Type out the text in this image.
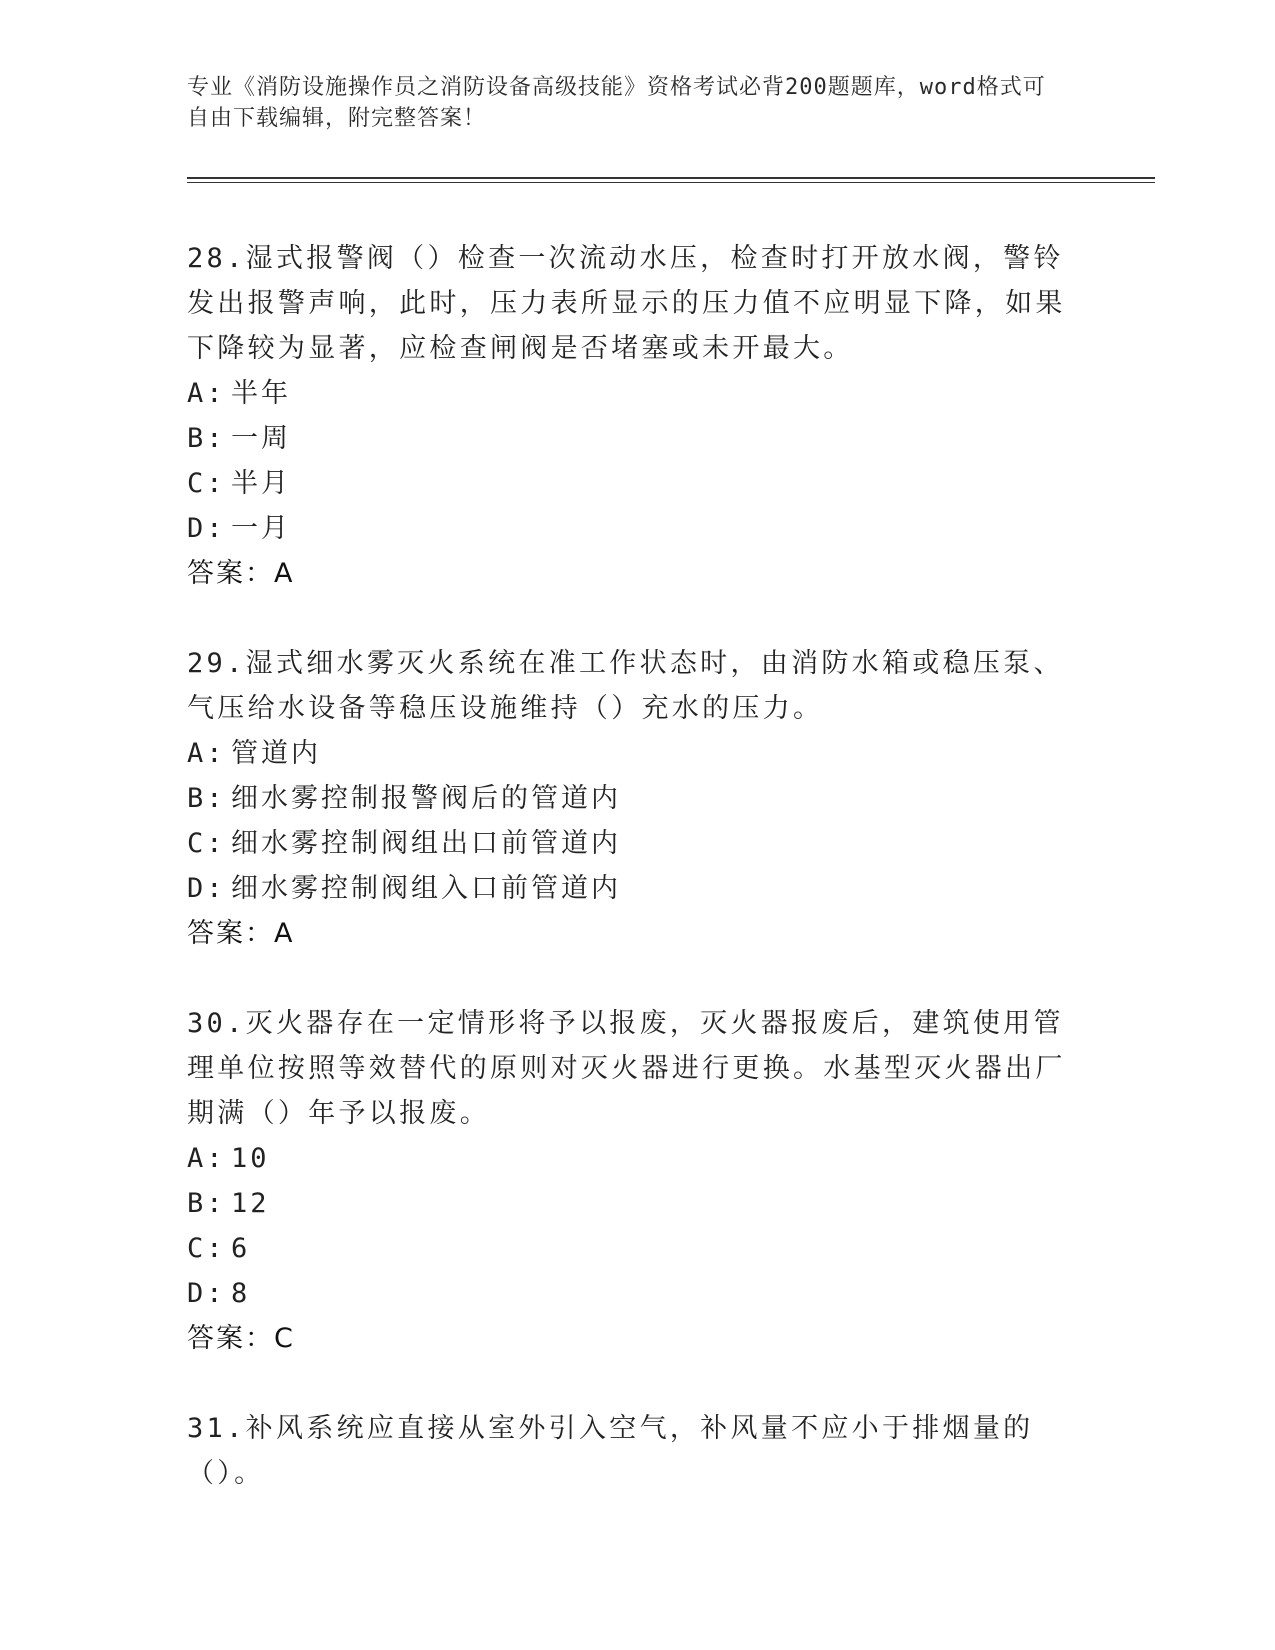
专业《消防设施操作员之消防设备高级技能》资格考试必背200题题库，word格式可自由下载编辑，附完整答案！

28.湿式报警阀（）检查一次流动水压，检查时打开放水阀，警铃发出报警声响，此时，压力表所显示的压力值不应明显下降，如果下降较为显著，应检查闸阀是否堵塞或未开最大。

A: 半年
B: 一周
C: 半月
D: 一月
答案：A

29.湿式细水雾灭火系统在准工作状态时，由消防水箱或稳压泵、气压给水设备等稳压设施维持（）充水的压力。

A: 管道内
B: 细水雾控制报警阀后的管道内
C: 细水雾控制阀组出口前管道内
D: 细水雾控制阀组入口前管道内
答案：A

30.灭火器存在一定情形将予以报废，灭火器报废后，建筑使用管理单位按照等效替代的原则对灭火器进行更换。水基型灭火器出厂期满（）年予以报废。

A: 10
B: 12
C: 6
D: 8
答案：C

31.补风系统应直接从室外引入空气，补风量不应小于排烟量的（）。
